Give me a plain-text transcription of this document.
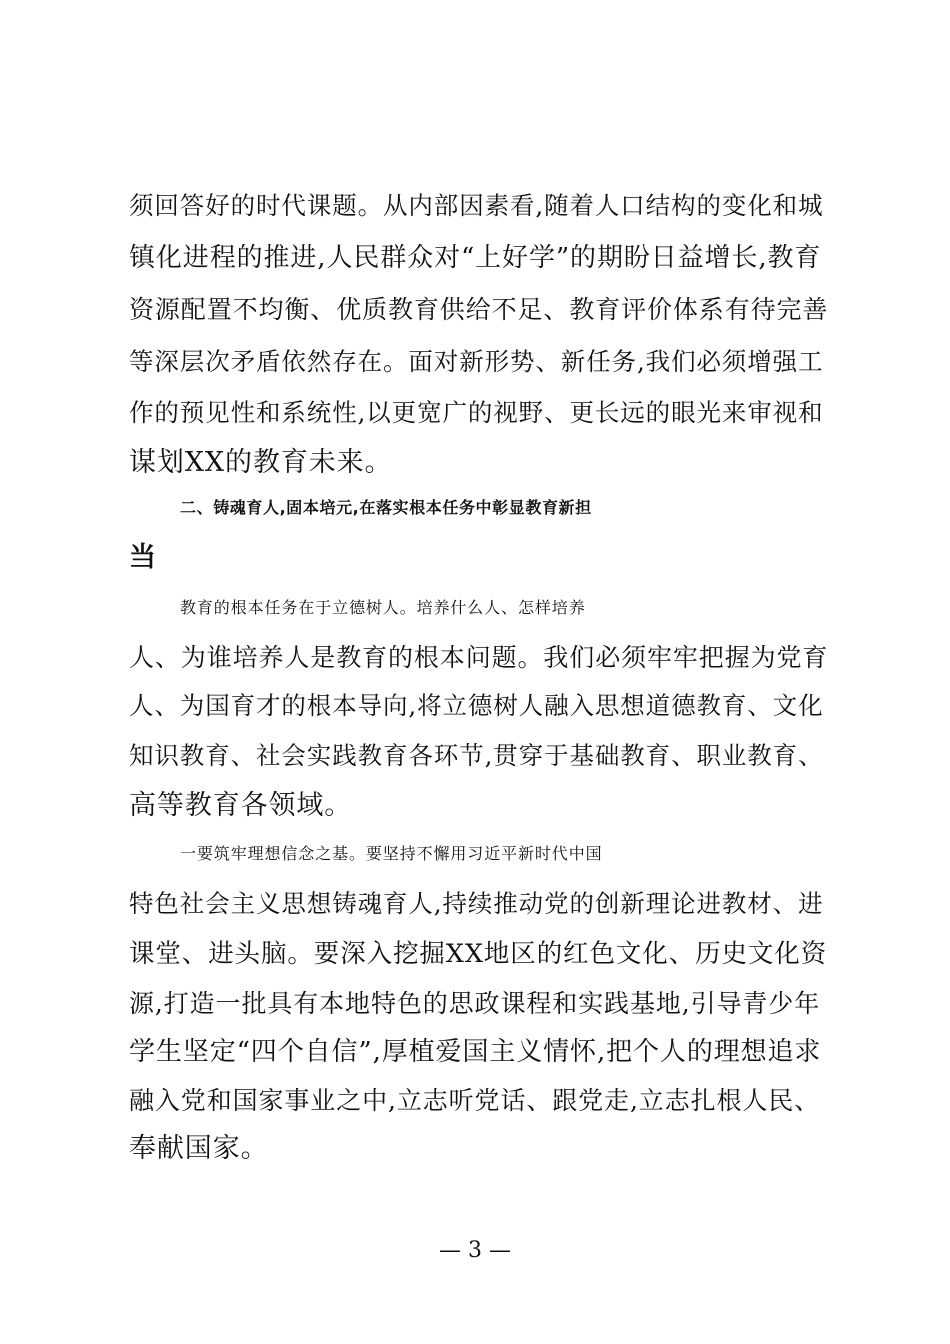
须回答好的时代课题。从内部因素看,随着人口结构的变化和城
镇化进程的推进,人民群众对“上好学”的期盼日益增长,教育
资源配置不均衡、优质教育供给不足、教育评价体系有待完善
等深层次矛盾依然存在。面对新形势、新任务,我们必须增强工
作的预见性和系统性,以更宽广的视野、更长远的眼光来审视和
谋划XX的教育未来。
二、铸魂育人,固本培元,在落实根本任务中彰显教育新担
当
教育的根本任务在于立德树人。培养什么人、怎样培养
人、为谁培养人是教育的根本问题。我们必须牢牢把握为党育
人、为国育才的根本导向,将立德树人融入思想道德教育、文化
知识教育、社会实践教育各环节,贯穿于基础教育、职业教育、
高等教育各领域。
一要筑牢理想信念之基。要坚持不懈用习近平新时代中国
特色社会主义思想铸魂育人,持续推动党的创新理论进教材、进
课堂、进头脑。要深入挖掘XX地区的红色文化、历史文化资
源,打造一批具有本地特色的思政课程和实践基地,引导青少年
学生坚定“四个自信”,厚植爱国主义情怀,把个人的理想追求
融入党和国家事业之中,立志听党话、跟党走,立志扎根人民、
奉献国家。
— 3 —
